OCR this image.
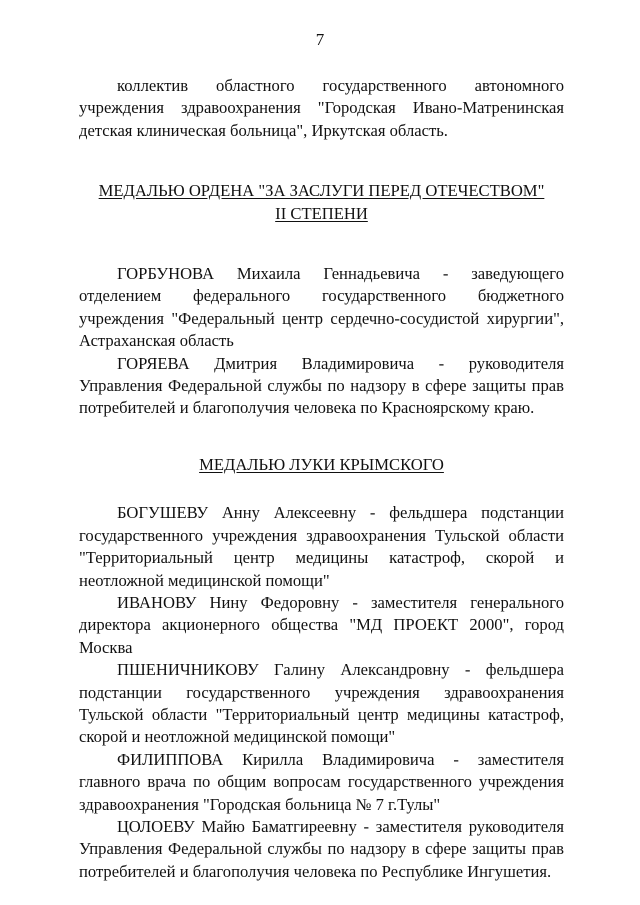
7

коллектив областного государственного автономного учреждения здравоохранения "Городская Ивано-Матренинская детская клиническая больница", Иркутская область.

МЕДАЛЬЮ ОРДЕНА "ЗА ЗАСЛУГИ ПЕРЕД ОТЕЧЕСТВОМ"

II СТЕПЕНИ

ГОРБУНОВА Михаила Геннадьевича - заведующего отделением федерального государственного бюджетного учреждения "Федеральный центр сердечно-сосудистой хирургии", Астраханская область

ГОРЯЕВА Дмитрия Владимировича - руководителя Управления Федеральной службы по надзору в сфере защиты прав потребителей и благополучия человека по Красноярскому краю.

МЕДАЛЬЮ ЛУКИ КРЫМСКОГО

БОГУШЕВУ Анну Алексеевну - фельдшера подстанции государственного учреждения здравоохранения Тульской области "Территориальный центр медицины катастроф, скорой и неотложной медицинской помощи"

ИВАНОВУ Нину Федоровну - заместителя генерального директора акционерного общества "МД ПРОЕКТ 2000", город Москва

ПШЕНИЧНИКОВУ Галину Александровну - фельдшера подстанции государственного учреждения здравоохранения Тульской области "Территориальный центр медицины катастроф, скорой и неотложной медицинской помощи"

ФИЛИППОВА Кирилла Владимировича - заместителя главного врача по общим вопросам государственного учреждения здравоохранения "Городская больница № 7 г.Тулы"

ЦОЛОЕВУ Майю Баматгиреевну - заместителя руководителя Управления Федеральной службы по надзору в сфере защиты прав потребителей и благополучия человека по Республике Ингушетия.
